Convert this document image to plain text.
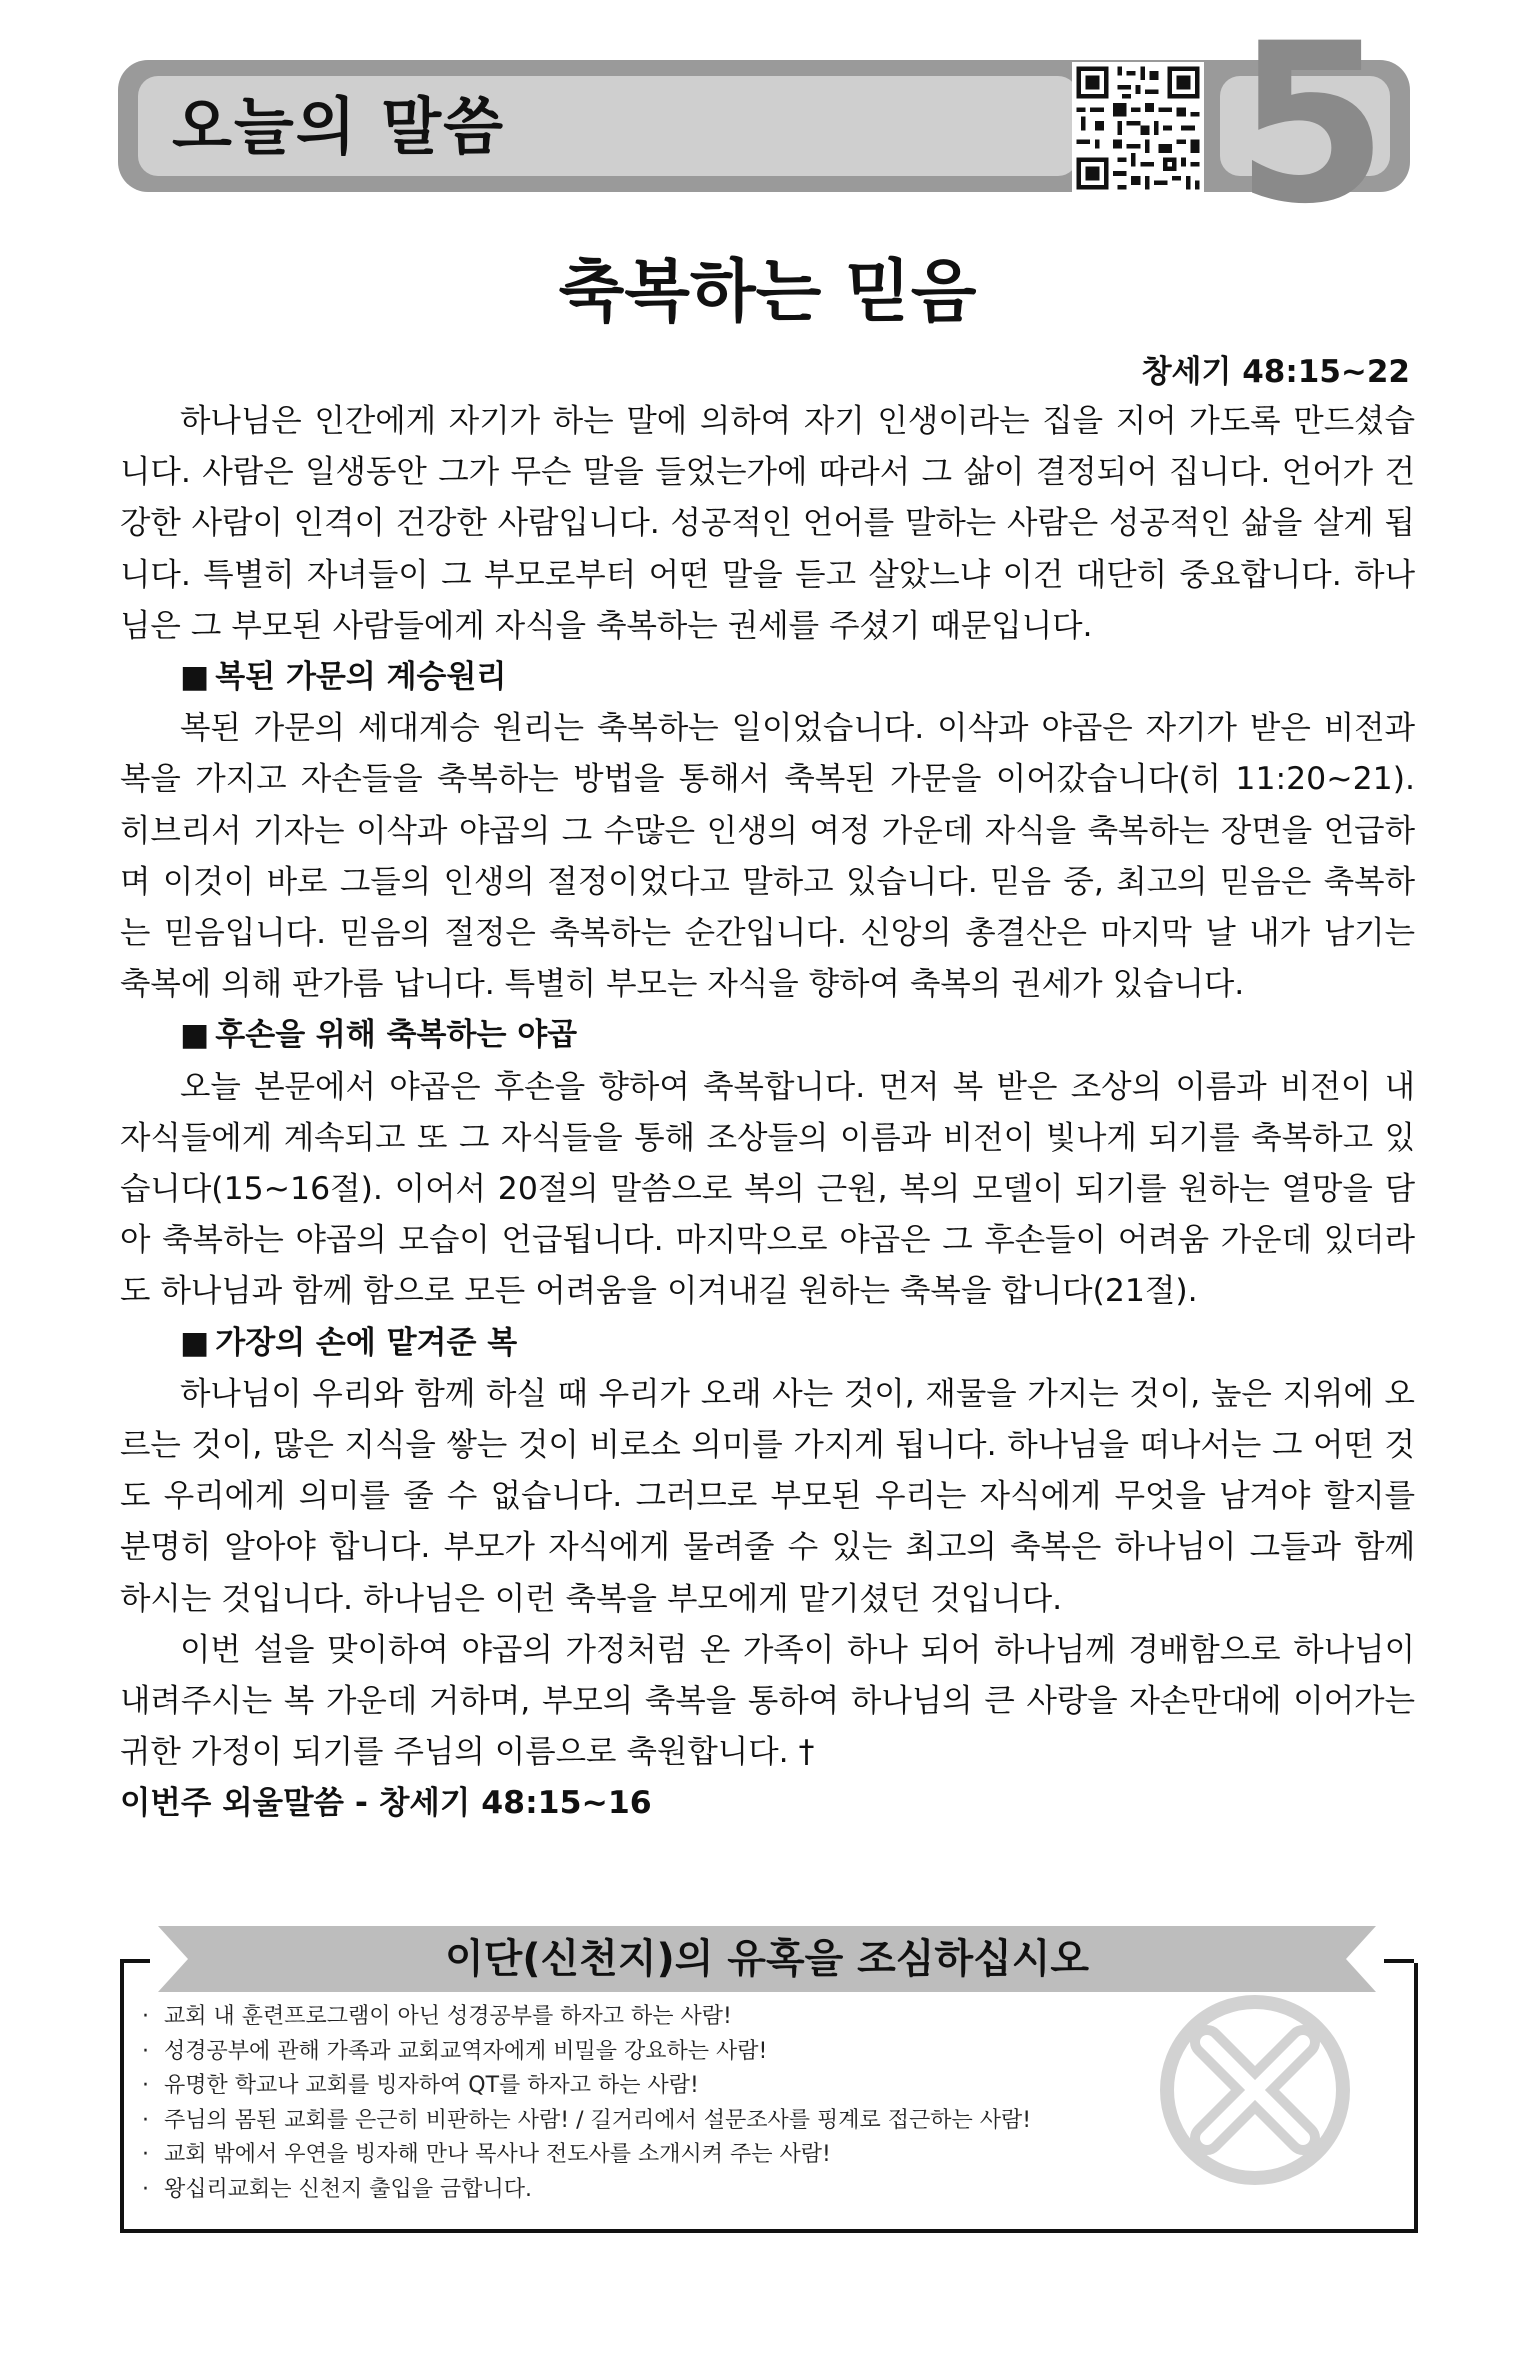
오늘의 말씀	5
축복하는 믿음
창세기 48:15~22

하나님은 인간에게 자기가 하는 말에 의하여 자기 인생이라는 집을 지어 가도록 만드셨습니다. 사람은 일생동안 그가 무슨 말을 들었는가에 따라서 그 삶이 결정되어 집니다. 언어가 건강한 사람이 인격이 건강한 사람입니다. 성공적인 언어를 말하는 사람은 성공적인 삶을 살게 됩니다. 특별히 자녀들이 그 부모로부터 어떤 말을 듣고 살았느냐 이건 대단히 중요합니다. 하나님은 그 부모된 사람들에게 자식을 축복하는 권세를 주셨기 때문입니다.

■ 복된 가문의 계승원리

복된 가문의 세대계승 원리는 축복하는 일이었습니다. 이삭과 야곱은 자기가 받은 비전과 복을 가지고 자손들을 축복하는 방법을 통해서 축복된 가문을 이어갔습니다(히 11:20~21). 히브리서 기자는 이삭과 야곱의 그 수많은 인생의 여정 가운데 자식을 축복하는 장면을 언급하며 이것이 바로 그들의 인생의 절정이었다고 말하고 있습니다. 믿음 중, 최고의 믿음은 축복하는 믿음입니다. 믿음의 절정은 축복하는 순간입니다. 신앙의 총결산은 마지막 날 내가 남기는 축복에 의해 판가름 납니다. 특별히 부모는 자식을 향하여 축복의 권세가 있습니다.

■ 후손을 위해 축복하는 야곱

오늘 본문에서 야곱은 후손을 향하여 축복합니다. 먼저 복 받은 조상의 이름과 비전이 내 자식들에게 계속되고 또 그 자식들을 통해 조상들의 이름과 비전이 빛나게 되기를 축복하고 있습니다(15~16절). 이어서 20절의 말씀으로 복의 근원, 복의 모델이 되기를 원하는 열망을 담아 축복하는 야곱의 모습이 언급됩니다. 마지막으로 야곱은 그 후손들이 어려움 가운데 있더라도 하나님과 함께 함으로 모든 어려움을 이겨내길 원하는 축복을 합니다(21절).

■ 가장의 손에 맡겨준 복

하나님이 우리와 함께 하실 때 우리가 오래 사는 것이, 재물을 가지는 것이, 높은 지위에 오르는 것이, 많은 지식을 쌓는 것이 비로소 의미를 가지게 됩니다. 하나님을 떠나서는 그 어떤 것도 우리에게 의미를 줄 수 없습니다. 그러므로 부모된 우리는 자식에게 무엇을 남겨야 할지를 분명히 알아야 합니다. 부모가 자식에게 물려줄 수 있는 최고의 축복은 하나님이 그들과 함께 하시는 것입니다. 하나님은 이런 축복을 부모에게 맡기셨던 것입니다.

이번 설을 맞이하여 야곱의 가정처럼 온 가족이 하나 되어 하나님께 경배함으로 하나님이 내려주시는 복 가운데 거하며, 부모의 축복을 통하여 하나님의 큰 사랑을 자손만대에 이어가는 귀한 가정이 되기를 주님의 이름으로 축원합니다. †

이번주 외울말씀 - 창세기 48:15~16
이단(신천지)의 유혹을 조심하십시오
· 교회 내 훈련프로그램이 아닌 성경공부를 하자고 하는 사람!
· 성경공부에 관해 가족과 교회교역자에게 비밀을 강요하는 사람!
· 유명한 학교나 교회를 빙자하여 QT를 하자고 하는 사람!
· 주님의 몸된 교회를 은근히 비판하는 사람! / 길거리에서 설문조사를 핑계로 접근하는 사람!
· 교회 밖에서 우연을 빙자해 만나 목사나 전도사를 소개시켜 주는 사람!
· 왕십리교회는 신천지 출입을 금합니다.
